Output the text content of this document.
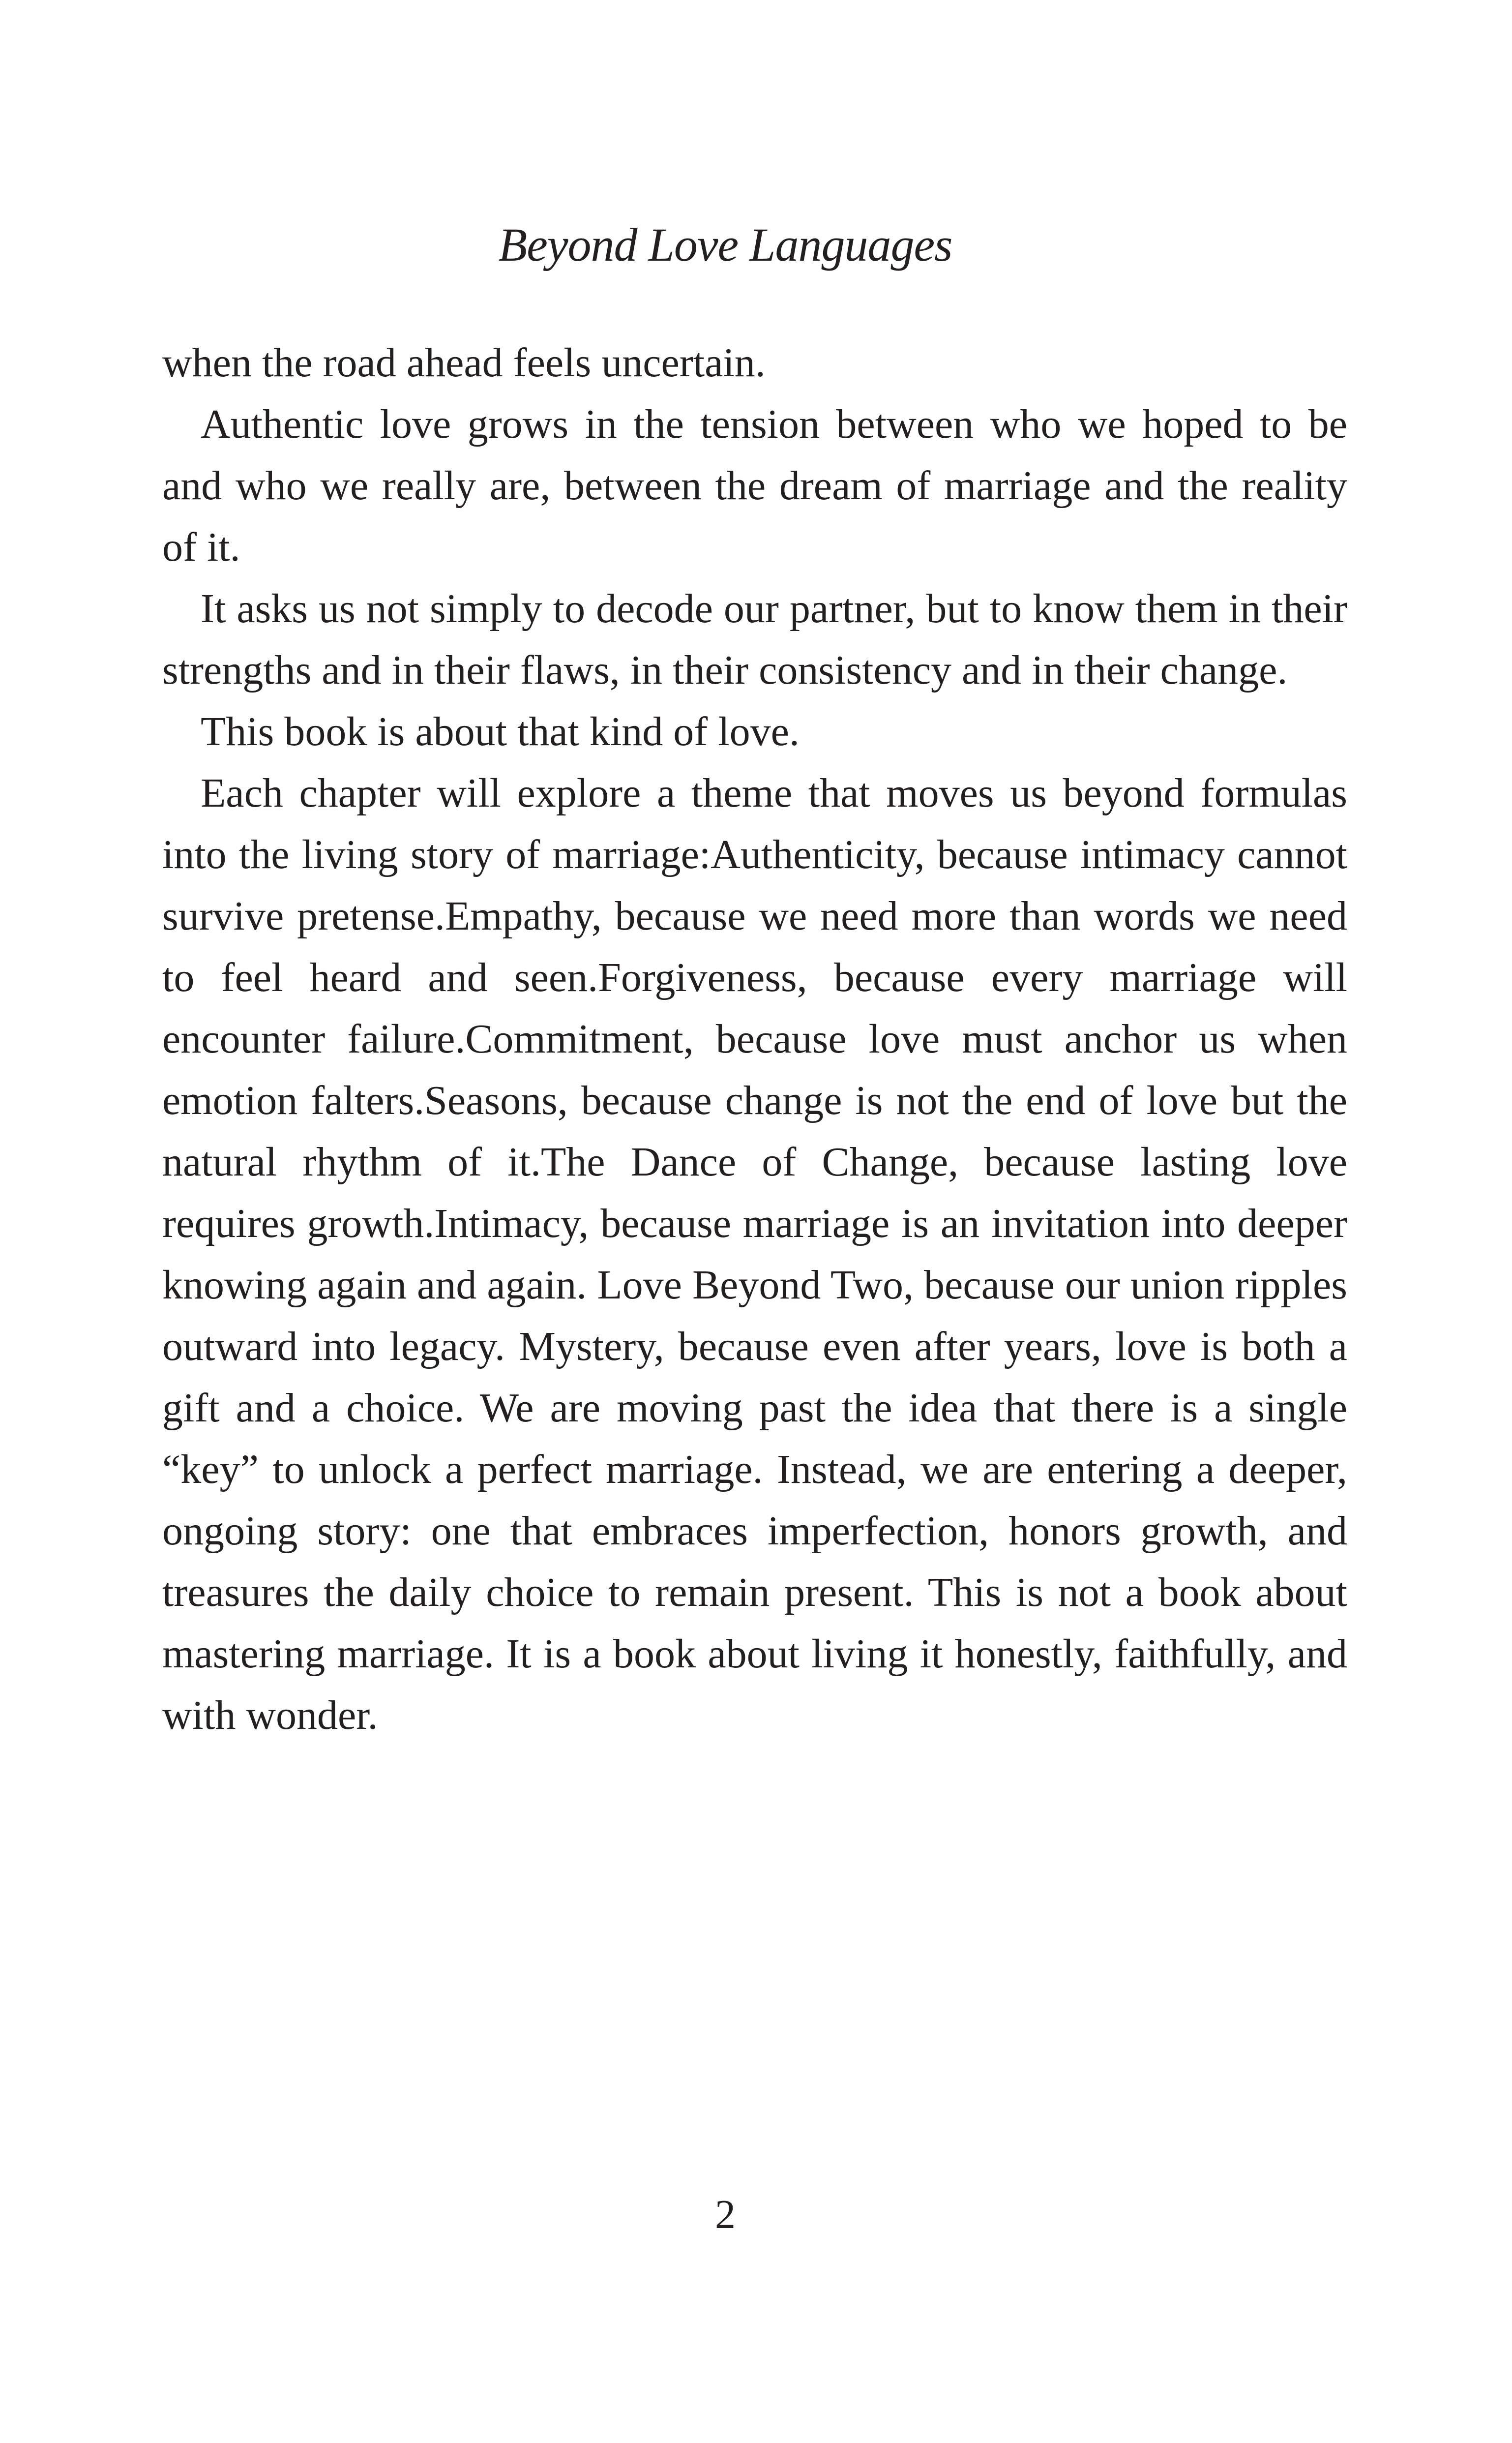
Beyond Love Languages

when the road ahead feels uncertain.

Authentic love grows in the tension between who we hoped to be and who we really are, between the dream of marriage and the reality of it.

It asks us not simply to decode our partner, but to know them in their strengths and in their flaws, in their consistency and in their change.

This book is about that kind of love.

Each chapter will explore a theme that moves us beyond formulas into the living story of marriage:Authenticity, because intimacy cannot survive pretense.Empathy, because we need more than words we need to feel heard and seen.Forgiveness, because every marriage will encounter failure.Commitment, because love must anchor us when emotion falters.Seasons, because change is not the end of love but the natural rhythm of it.The Dance of Change, because lasting love requires growth.Intimacy, because marriage is an invitation into deeper knowing again and again. Love Beyond Two, because our union ripples outward into legacy. Mystery, because even after years, love is both a gift and a choice. We are moving past the idea that there is a single “key” to unlock a perfect marriage. Instead, we are entering a deeper, ongoing story: one that embraces imperfection, honors growth, and treasures the daily choice to remain present. This is not a book about mastering marriage. It is a book about living it honestly, faithfully, and with wonder.

2
